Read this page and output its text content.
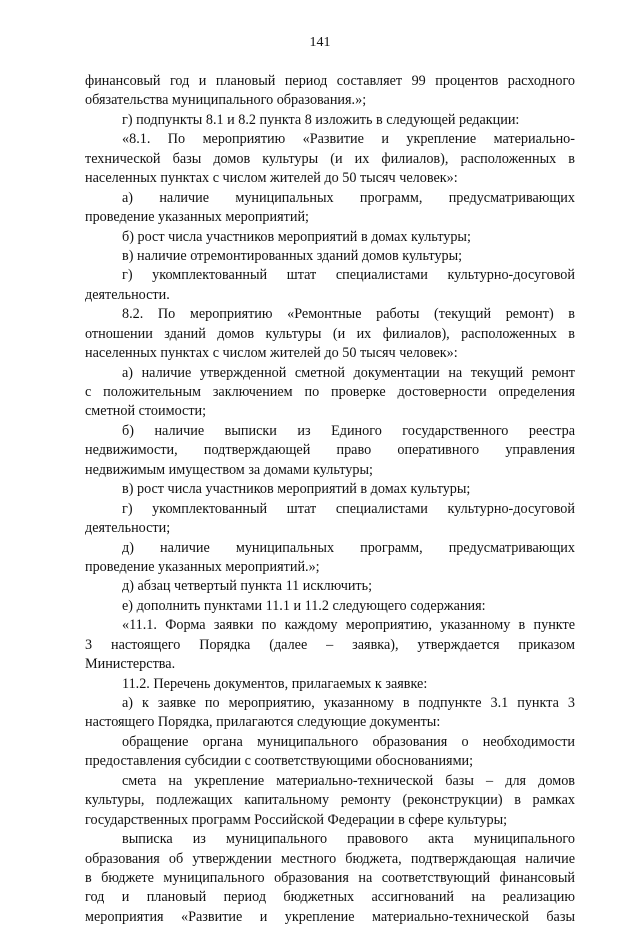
141
финансовый год и плановый период составляет 99 процентов расходного
обязательства муниципального образования.»;
г) подпункты 8.1 и 8.2 пункта 8 изложить в следующей редакции:
«8.1. По мероприятию «Развитие и укрепление материально-
технической базы домов культуры (и их филиалов), расположенных в
населенных пунктах с числом жителей до 50 тысяч человек»:
а) наличие муниципальных программ, предусматривающих
проведение указанных мероприятий;
б) рост числа участников мероприятий в домах культуры;
в) наличие отремонтированных зданий домов культуры;
г) укомплектованный штат специалистами культурно-досуговой
деятельности.
8.2. По мероприятию «Ремонтные работы (текущий ремонт) в
отношении зданий домов культуры (и их филиалов), расположенных в
населенных пунктах с числом жителей до 50 тысяч человек»:
а) наличие утвержденной сметной документации на текущий ремонт
с положительным заключением по проверке достоверности определения
сметной стоимости;
б) наличие выписки из Единого государственного реестра
недвижимости, подтверждающей право оперативного управления
недвижимым имуществом за домами культуры;
в) рост числа участников мероприятий в домах культуры;
г) укомплектованный штат специалистами культурно-досуговой
деятельности;
д) наличие муниципальных программ, предусматривающих
проведение указанных мероприятий.»;
д) абзац четвертый пункта 11 исключить;
е) дополнить пунктами 11.1 и 11.2 следующего содержания:
«11.1. Форма заявки по каждому мероприятию, указанному в пункте
3 настоящего Порядка (далее – заявка), утверждается приказом
Министерства.
11.2. Перечень документов, прилагаемых к заявке:
а) к заявке по мероприятию, указанному в подпункте 3.1 пункта 3
настоящего Порядка, прилагаются следующие документы:
обращение органа муниципального образования о необходимости
предоставления субсидии с соответствующими обоснованиями;
смета на укрепление материально-технической базы – для домов
культуры, подлежащих капитальному ремонту (реконструкции) в рамках
государственных программ Российской Федерации в сфере культуры;
выписка из муниципального правового акта муниципального
образования об утверждении местного бюджета, подтверждающая наличие
в бюджете муниципального образования на соответствующий финансовый
год и плановый период бюджетных ассигнований на реализацию
мероприятия «Развитие и укрепление материально-технической базы
